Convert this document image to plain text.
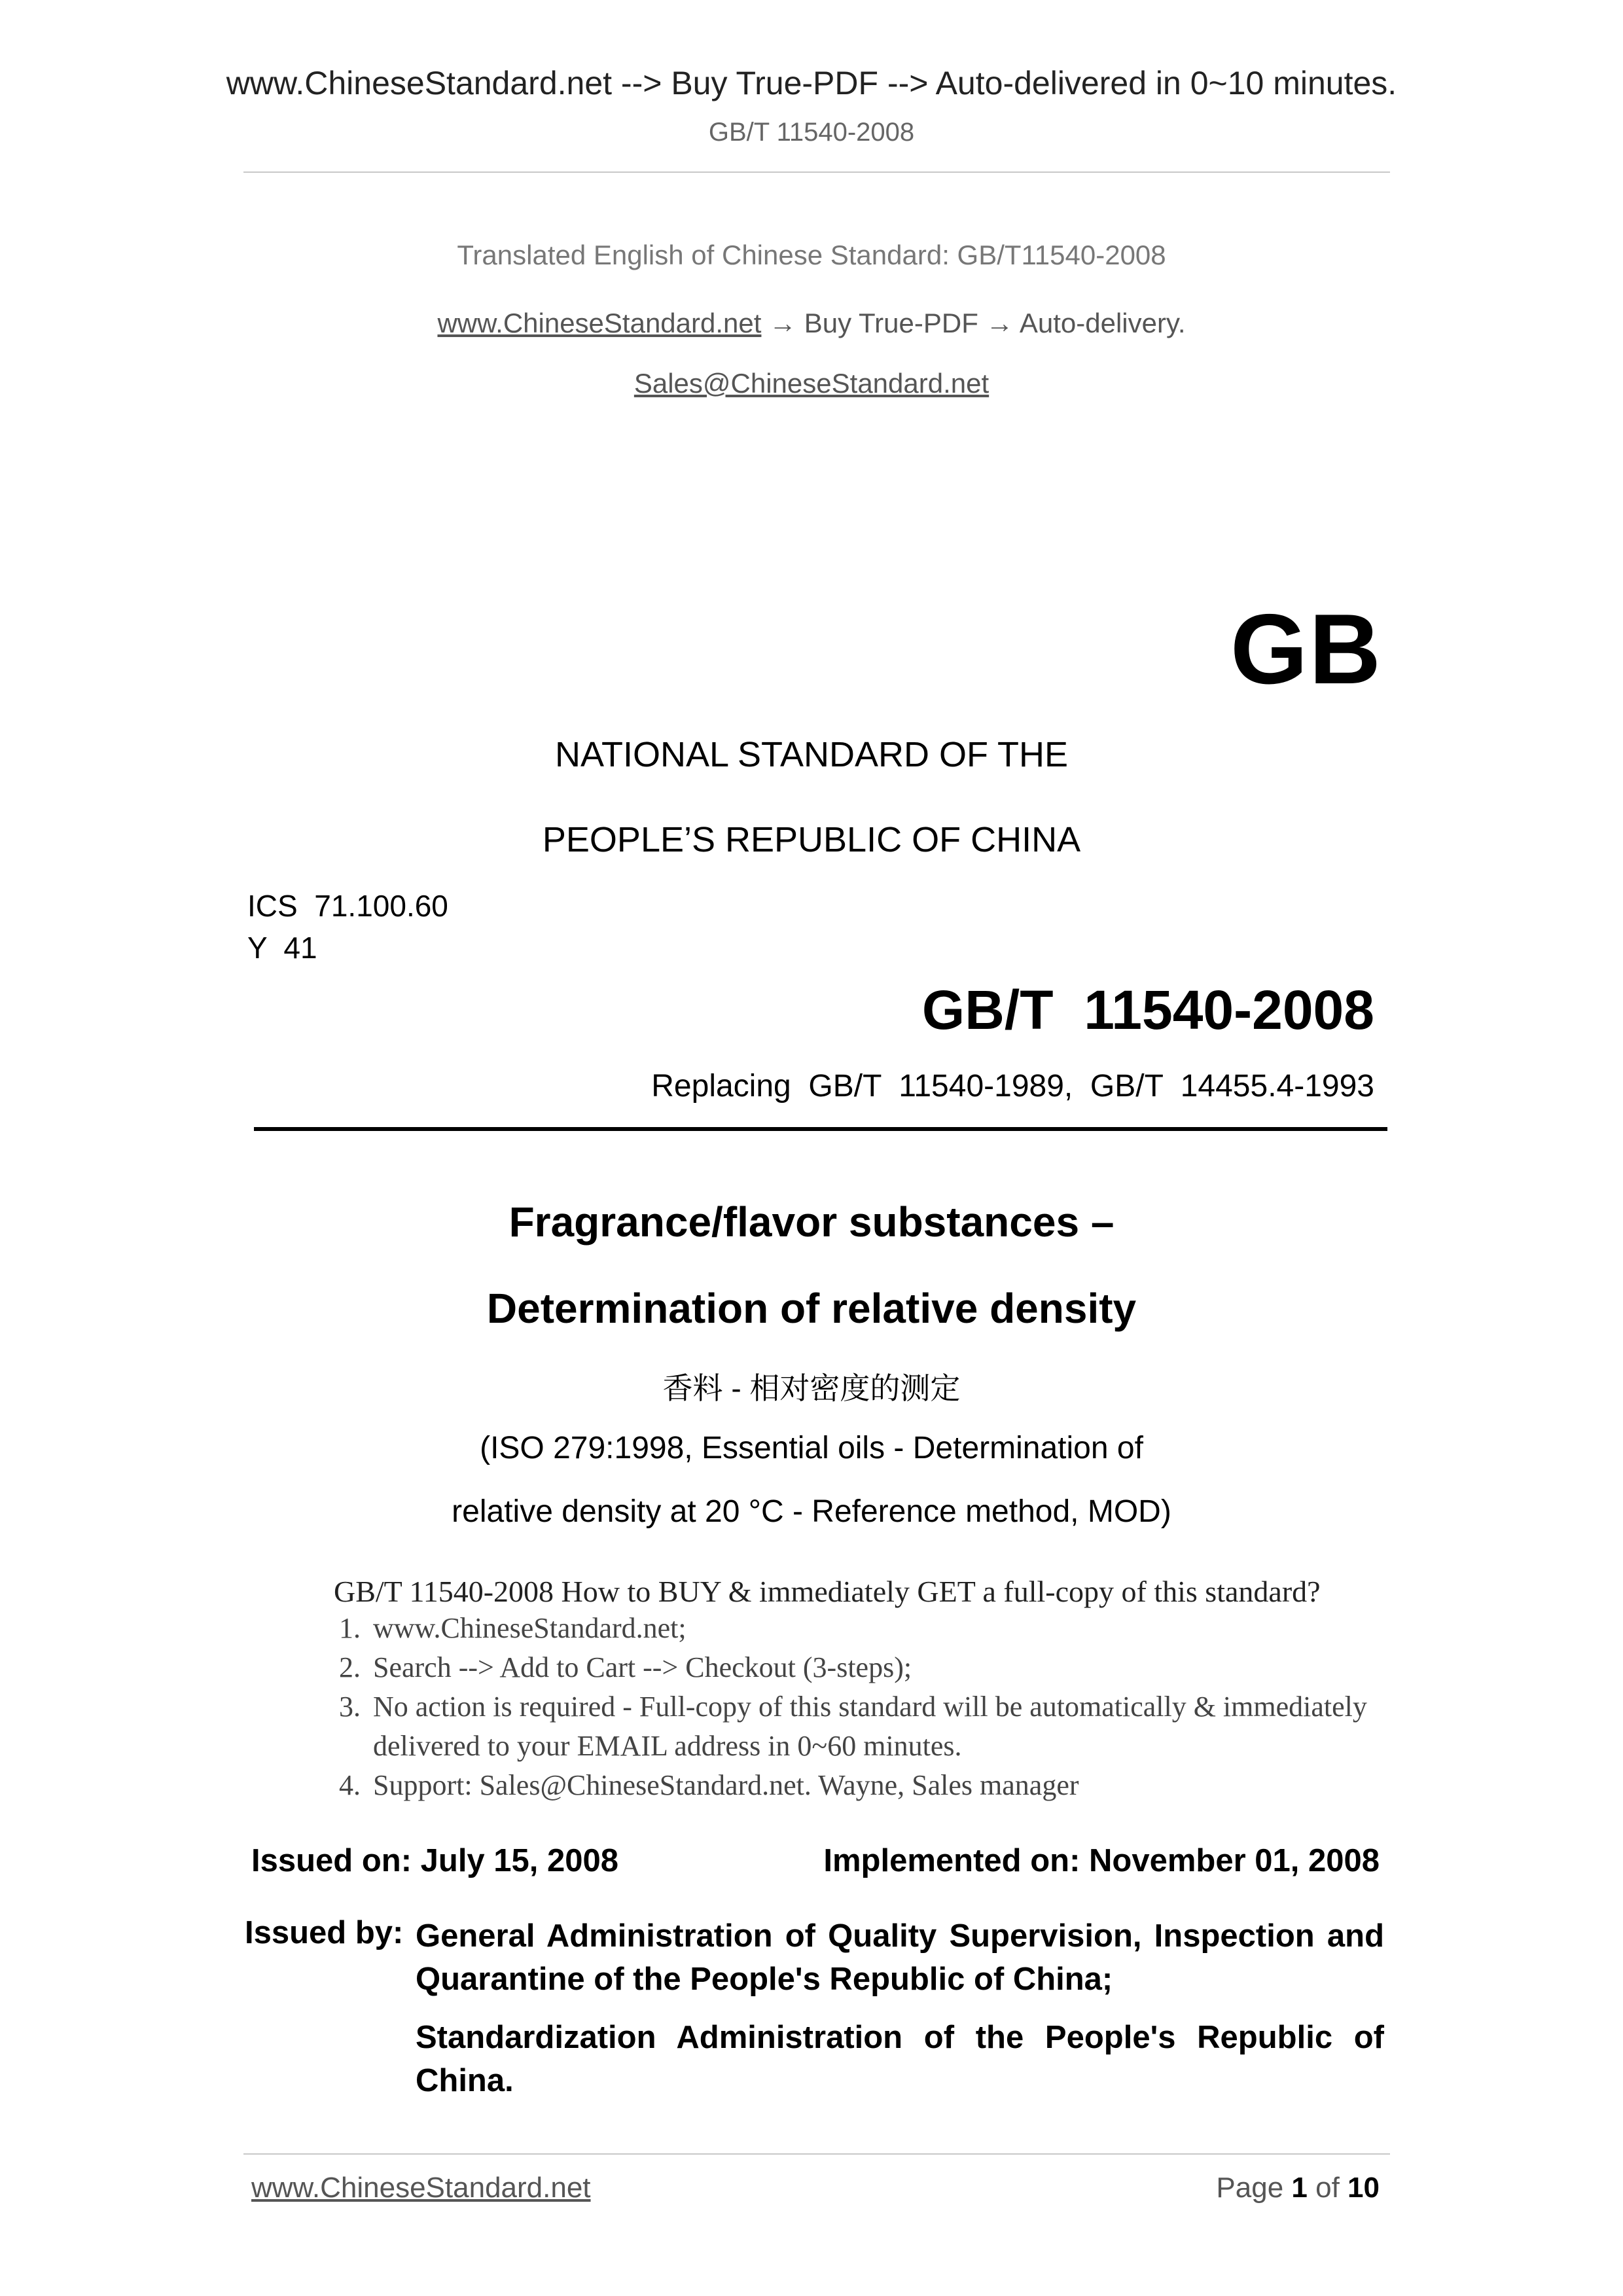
www.ChineseStandard.net --> Buy True-PDF --> Auto-delivered in 0~10 minutes.
GB/T 11540-2008
Translated English of Chinese Standard: GB/T11540-2008
www.ChineseStandard.net → Buy True-PDF → Auto-delivery.
Sales@ChineseStandard.net
GB
NATIONAL STANDARD OF THE
PEOPLE’S REPUBLIC OF CHINA
ICS  71.100.60
Y  41
GB/T  11540-2008
Replacing  GB/T  11540-1989,  GB/T  14455.4-1993
Fragrance/flavor substances –
Determination of relative density
香料 - 相对密度的测定
(ISO 279:1998, Essential oils - Determination of
relative density at 20 °C - Reference method, MOD)
GB/T 11540-2008 How to BUY & immediately GET a full-copy of this standard?
1. www.ChineseStandard.net;
2. Search --> Add to Cart --> Checkout (3-steps);
3. No action is required - Full-copy of this standard will be automatically & immediately delivered to your EMAIL address in 0~60 minutes.
4. Support: Sales@ChineseStandard.net. Wayne, Sales manager
Issued on: July 15, 2008	Implemented on: November 01, 2008
Issued by: General Administration of Quality Supervision, Inspection and Quarantine of the People's Republic of China;
Standardization Administration of the People's Republic of China.
www.ChineseStandard.net	Page 1 of 10
